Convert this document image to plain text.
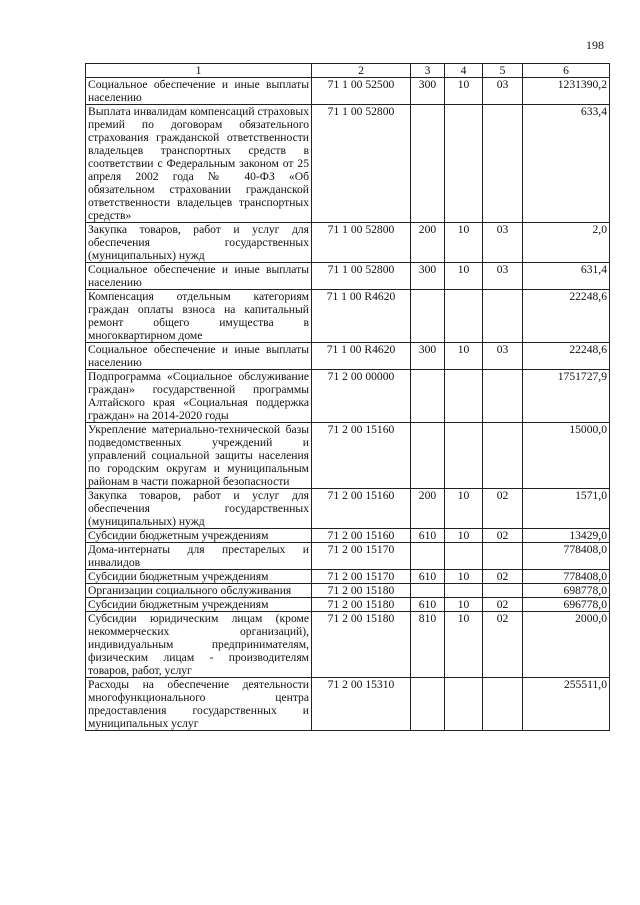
198
1	2	3	4	5	6
Социальное обеспечение и иные выплаты населению	71 1 00 52500	300	10	03	1231390,2
Выплата инвалидам компенсаций страховых премий по договорам обязательного страхования гражданской ответственности владельцев транспортных средств в соответствии с Федеральным законом от 25 апреля 2002 года № 40-ФЗ «Об обязательном страховании гражданской ответственности владельцев транспортных средств»	71 1 00 52800				633,4
Закупка товаров, работ и услуг для обеспечения государственных (муниципальных) нужд	71 1 00 52800	200	10	03	2,0
Социальное обеспечение и иные выплаты населению	71 1 00 52800	300	10	03	631,4
Компенсация отдельным категориям граждан оплаты взноса на капитальный ремонт общего имущества в многоквартирном доме	71 1 00 R4620				22248,6
Социальное обеспечение и иные выплаты населению	71 1 00 R4620	300	10	03	22248,6
Подпрограмма «Социальное обслуживание граждан» государственной программы Алтайского края «Социальная поддержка граждан» на 2014-2020 годы	71 2 00 00000				1751727,9
Укрепление материально-технической базы подведомственных учреждений и управлений социальной защиты населения по городским округам и муниципальным районам в части пожарной безопасности	71 2 00 15160				15000,0
Закупка товаров, работ и услуг для обеспечения государственных (муниципальных) нужд	71 2 00 15160	200	10	02	1571,0
Субсидии бюджетным учреждениям	71 2 00 15160	610	10	02	13429,0
Дома-интернаты для престарелых и инвалидов	71 2 00 15170				778408,0
Субсидии бюджетным учреждениям	71 2 00 15170	610	10	02	778408,0
Организации социального обслуживания	71 2 00 15180				698778,0
Субсидии бюджетным учреждениям	71 2 00 15180	610	10	02	696778,0
Субсидии юридическим лицам (кроме некоммерческих организаций), индивидуальным предпринимателям, физическим лицам - производителям товаров, работ, услуг	71 2 00 15180	810	10	02	2000,0
Расходы на обеспечение деятельности многофункционального центра предоставления государственных и муниципальных услуг	71 2 00 15310				255511,0
